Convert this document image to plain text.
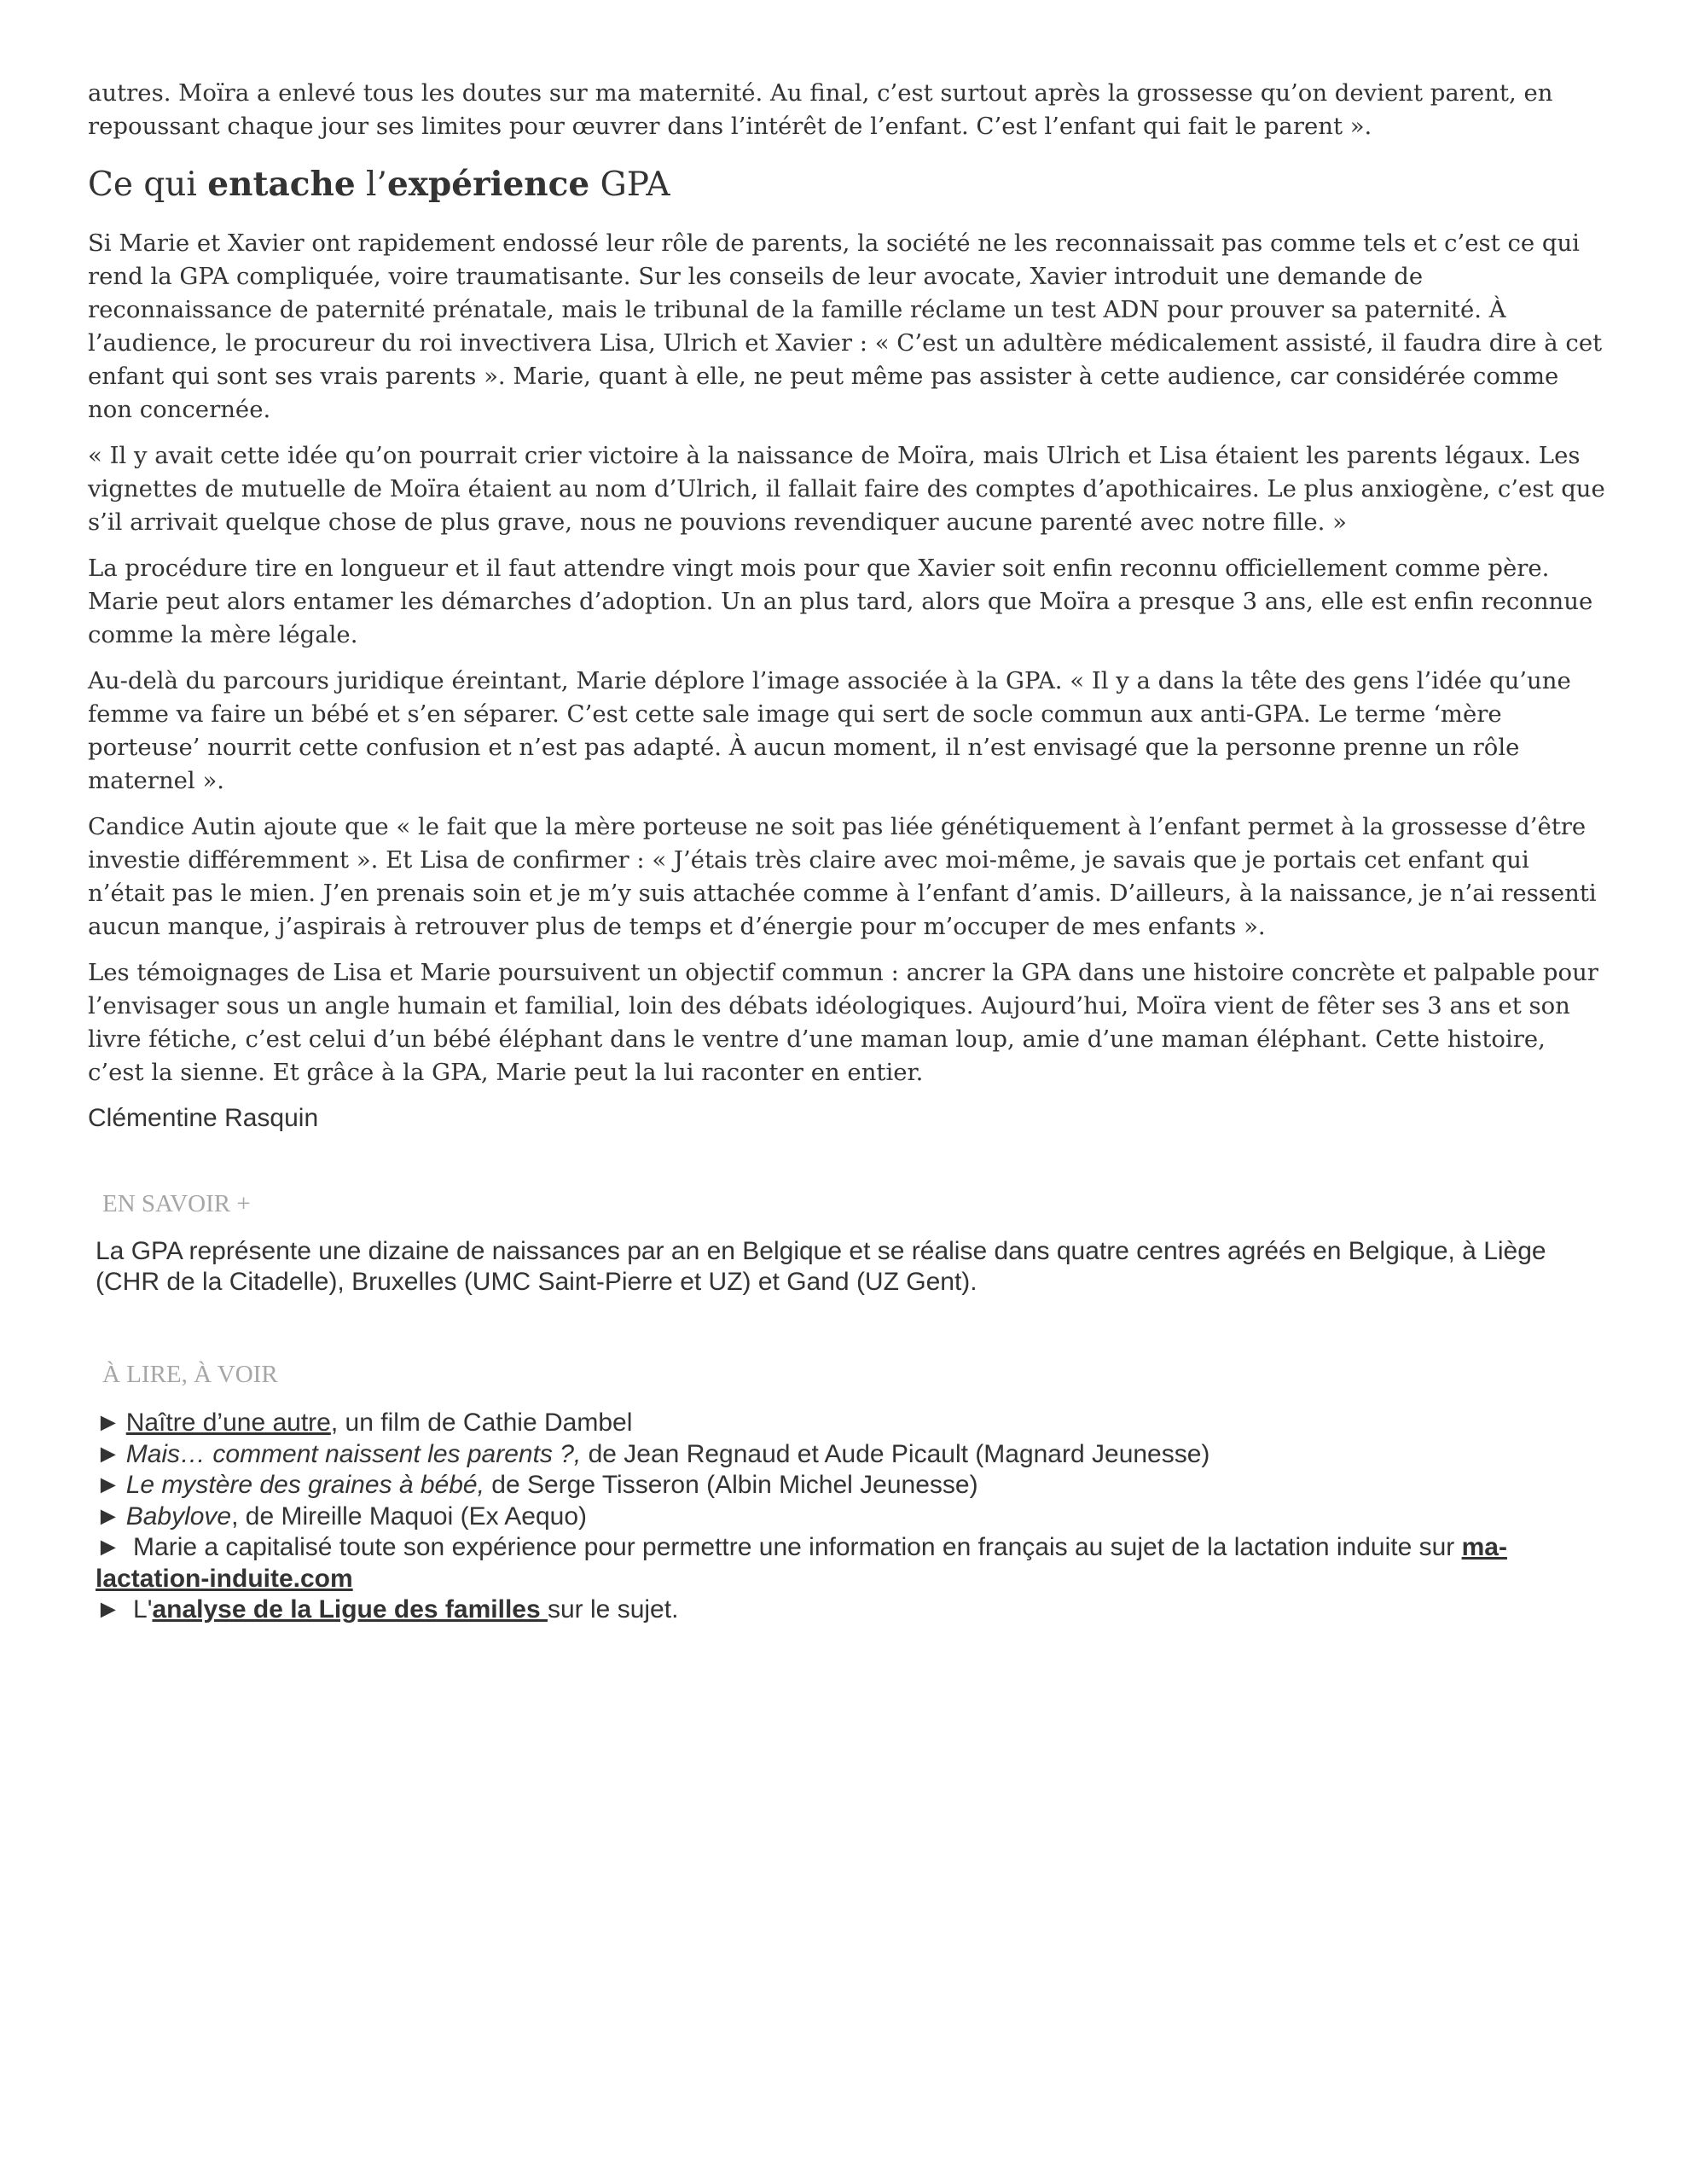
autres. Moïra a enlevé tous les doutes sur ma maternité. Au final, c’est surtout après la grossesse qu’on devient parent, en repoussant chaque jour ses limites pour œuvrer dans l’intérêt de l’enfant. C’est l’enfant qui fait le parent ».

Ce qui entache l’expérience GPA

Si Marie et Xavier ont rapidement endossé leur rôle de parents, la société ne les reconnaissait pas comme tels et c’est ce qui rend la GPA compliquée, voire traumatisante. Sur les conseils de leur avocate, Xavier introduit une demande de reconnaissance de paternité prénatale, mais le tribunal de la famille réclame un test ADN pour prouver sa paternité. À l’audience, le procureur du roi invectivera Lisa, Ulrich et Xavier : « C’est un adultère médicalement assisté, il faudra dire à cet enfant qui sont ses vrais parents ». Marie, quant à elle, ne peut même pas assister à cette audience, car considérée comme non concernée.

« Il y avait cette idée qu’on pourrait crier victoire à la naissance de Moïra, mais Ulrich et Lisa étaient les parents légaux. Les vignettes de mutuelle de Moïra étaient au nom d’Ulrich, il fallait faire des comptes d’apothicaires. Le plus anxiogène, c’est que s’il arrivait quelque chose de plus grave, nous ne pouvions revendiquer aucune parenté avec notre fille. »

La procédure tire en longueur et il faut attendre vingt mois pour que Xavier soit enfin reconnu officiellement comme père. Marie peut alors entamer les démarches d’adoption. Un an plus tard, alors que Moïra a presque 3 ans, elle est enfin reconnue comme la mère légale.

Au-delà du parcours juridique éreintant, Marie déplore l’image associée à la GPA. « Il y a dans la tête des gens l’idée qu’une femme va faire un bébé et s’en séparer. C’est cette sale image qui sert de socle commun aux anti-GPA. Le terme ‘mère porteuse’ nourrit cette confusion et n’est pas adapté. À aucun moment, il n’est envisagé que la personne prenne un rôle maternel ».

Candice Autin ajoute que « le fait que la mère porteuse ne soit pas liée génétiquement à l’enfant permet à la grossesse d’être investie différemment ». Et Lisa de confirmer : « J’étais très claire avec moi-même, je savais que je portais cet enfant qui n’était pas le mien. J’en prenais soin et je m’y suis attachée comme à l’enfant d’amis. D’ailleurs, à la naissance, je n’ai ressenti aucun manque, j’aspirais à retrouver plus de temps et d’énergie pour m’occuper de mes enfants ».

Les témoignages de Lisa et Marie poursuivent un objectif commun : ancrer la GPA dans une histoire concrète et palpable pour l’envisager sous un angle humain et familial, loin des débats idéologiques. Aujourd’hui, Moïra vient de fêter ses 3 ans et son livre fétiche, c’est celui d’un bébé éléphant dans le ventre d’une maman loup, amie d’une maman éléphant. Cette histoire, c’est la sienne. Et grâce à la GPA, Marie peut la lui raconter en entier.

Clémentine Rasquin
EN SAVOIR +
La GPA représente une dizaine de naissances par an en Belgique et se réalise dans quatre centres agréés en Belgique, à Liège (CHR de la Citadelle), Bruxelles (UMC Saint-Pierre et UZ) et Gand (UZ Gent).
À LIRE, À VOIR
► Naître d’une autre, un film de Cathie Dambel
► Mais… comment naissent les parents ?, de Jean Regnaud et Aude Picault (Magnard Jeunesse)
► Le mystère des graines à bébé, de Serge Tisseron (Albin Michel Jeunesse)
► Babylove, de Mireille Maquoi (Ex Aequo)
► Marie a capitalisé toute son expérience pour permettre une information en français au sujet de la lactation induite sur ma-lactation-induite.com
► L'analyse de la Ligue des familles sur le sujet.
